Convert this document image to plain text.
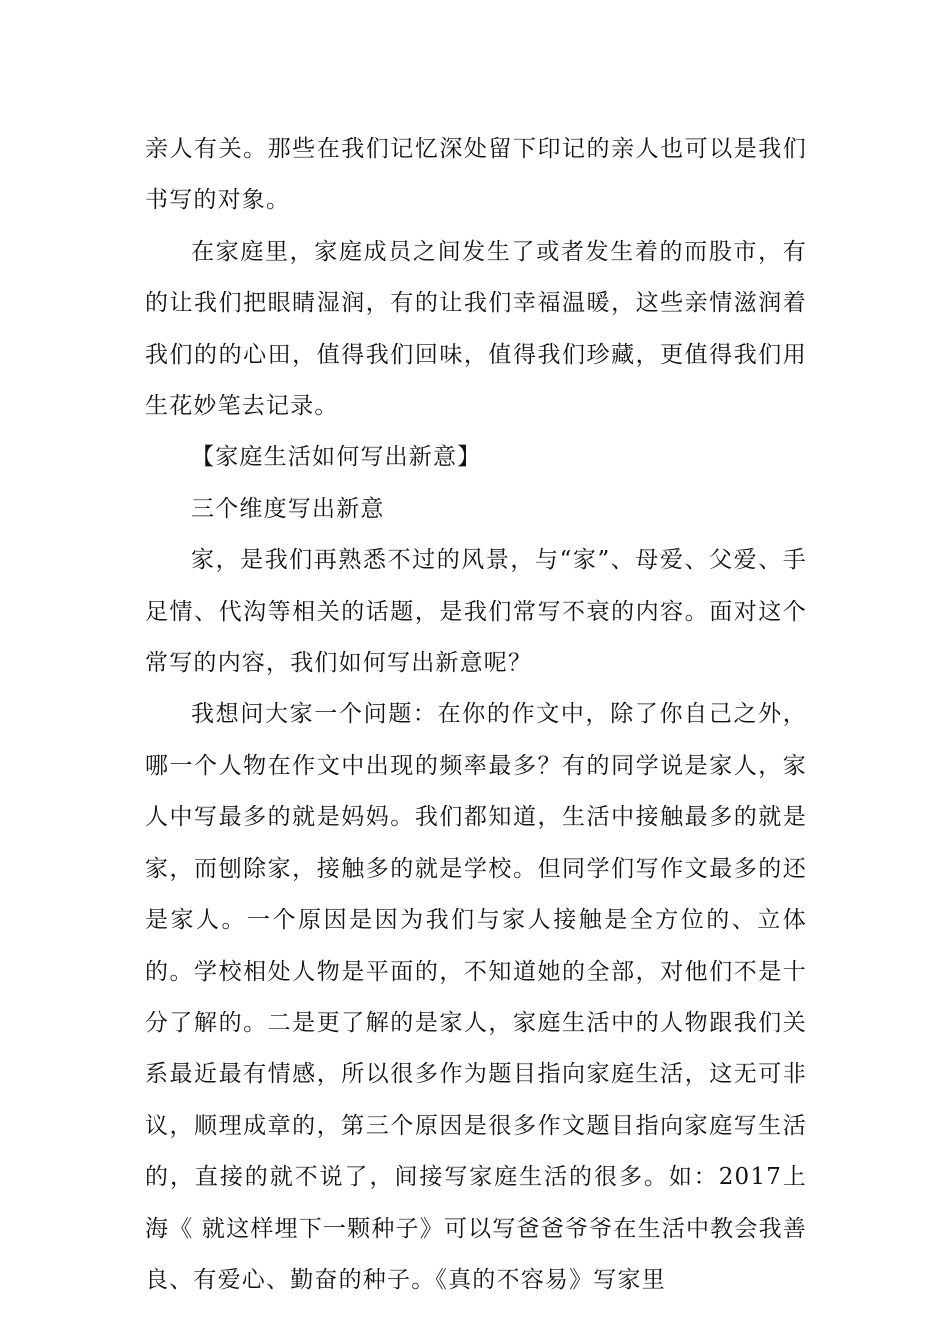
亲人有关。那些在我们记忆深处留下印记的亲人也可以是我们书写的对象。

在家庭里，家庭成员之间发生了或者发生着的而股市，有的让我们把眼睛湿润，有的让我们幸福温暖，这些亲情滋润着我们的的心田，值得我们回味，值得我们珍藏，更值得我们用生花妙笔去记录。

【家庭生活如何写出新意】

三个维度写出新意

家，是我们再熟悉不过的风景，与“家”、母爱、父爱、手足情、代沟等相关的话题，是我们常写不衰的内容。面对这个常写的内容，我们如何写出新意呢？

我想问大家一个问题：在你的作文中，除了你自己之外，哪一个人物在作文中出现的频率最多？有的同学说是家人，家人中写最多的就是妈妈。我们都知道，生活中接触最多的就是家，而刨除家，接触多的就是学校。但同学们写作文最多的还是家人。一个原因是因为我们与家人接触是全方位的、立体的。学校相处人物是平面的，不知道她的全部，对他们不是十分了解的。二是更了解的是家人，家庭生活中的人物跟我们关系最近最有情感，所以很多作为题目指向家庭生活，这无可非议，顺理成章的，第三个原因是很多作文题目指向家庭写生活的，直接的就不说了，间接写家庭生活的很多。如：2017上海《 就这样埋下一颗种子》可以写爸爸爷爷在生活中教会我善良、有爱心、勤奋的种子。《真的不容易》写家里
